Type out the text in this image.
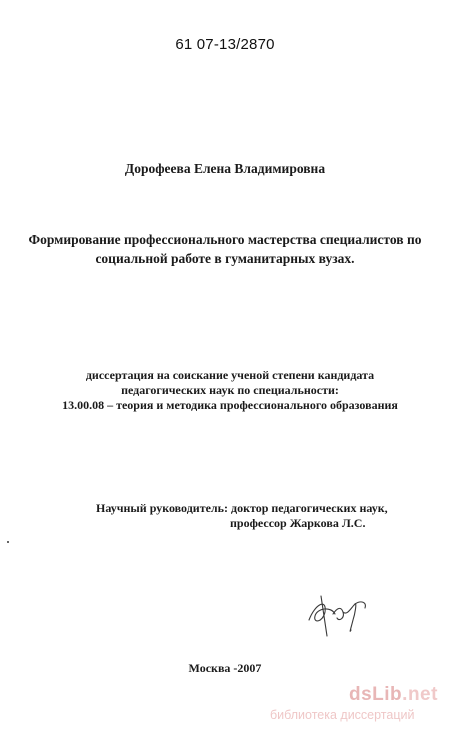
61 07-13/2870
Дорофеева Елена Владимировна
Формирование профессионального мастерства специалистов по
социальной работе в гуманитарных вузах.
диссертация на соискание ученой степени кандидата
педагогических наук по специальности:
13.00.08 – теория и методика профессионального образования
Научный руководитель: доктор педагогических наук,
профессор Жаркова Л.С.
Москва -2007
dsLib.net
библиотека диссертаций
